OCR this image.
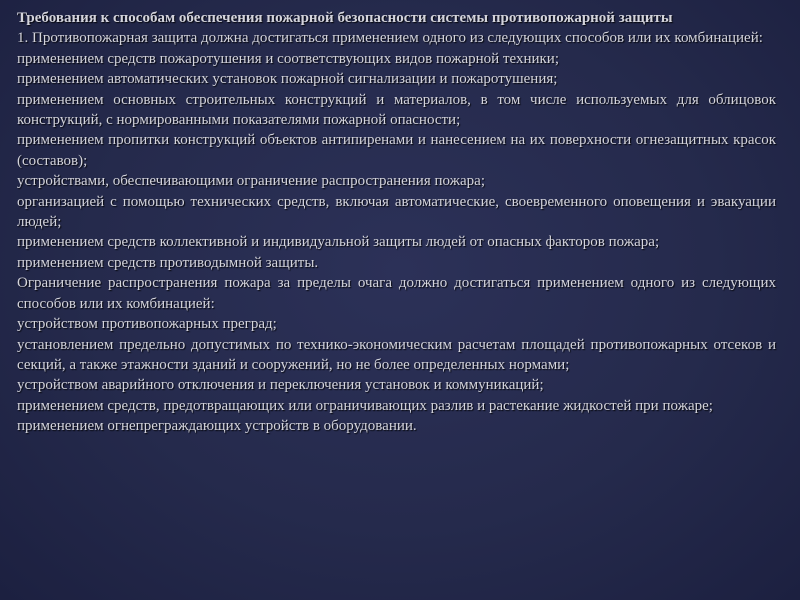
Требования к способам обеспечения пожарной безопасности системы противопожарной защиты

1. Противопожарная защита должна достигаться применением одного из следующих способов или их комбинацией:

применением средств пожаротушения и соответствующих видов пожарной техники;

применением автоматических установок пожарной сигнализации и пожаротушения;

применением основных строительных конструкций и материалов, в том числе используемых для облицовок конструкций, с нормированными показателями пожарной опасности;

применением пропитки конструкций объектов антипиренами и нанесением на их поверхности огнезащитных красок (составов);

устройствами, обеспечивающими ограничение распространения пожара;

организацией с помощью технических средств, включая автоматические, своевременного оповещения и эвакуации людей;

применением средств коллективной и индивидуальной защиты людей от опасных факторов пожара;

применением средств противодымной защиты.

Ограничение распространения пожара за пределы очага должно достигаться применением одного из следующих способов или их комбинацией:

устройством противопожарных преград;

установлением предельно допустимых по технико-экономическим расчетам площадей противопожарных отсеков и секций, а также этажности зданий и сооружений, но не более определенных нормами;

устройством аварийного отключения и переключения установок и коммуникаций;

применением средств, предотвращающих или ограничивающих разлив и растекание жидкостей при пожаре;

применением огнепреграждающих устройств в оборудовании.
